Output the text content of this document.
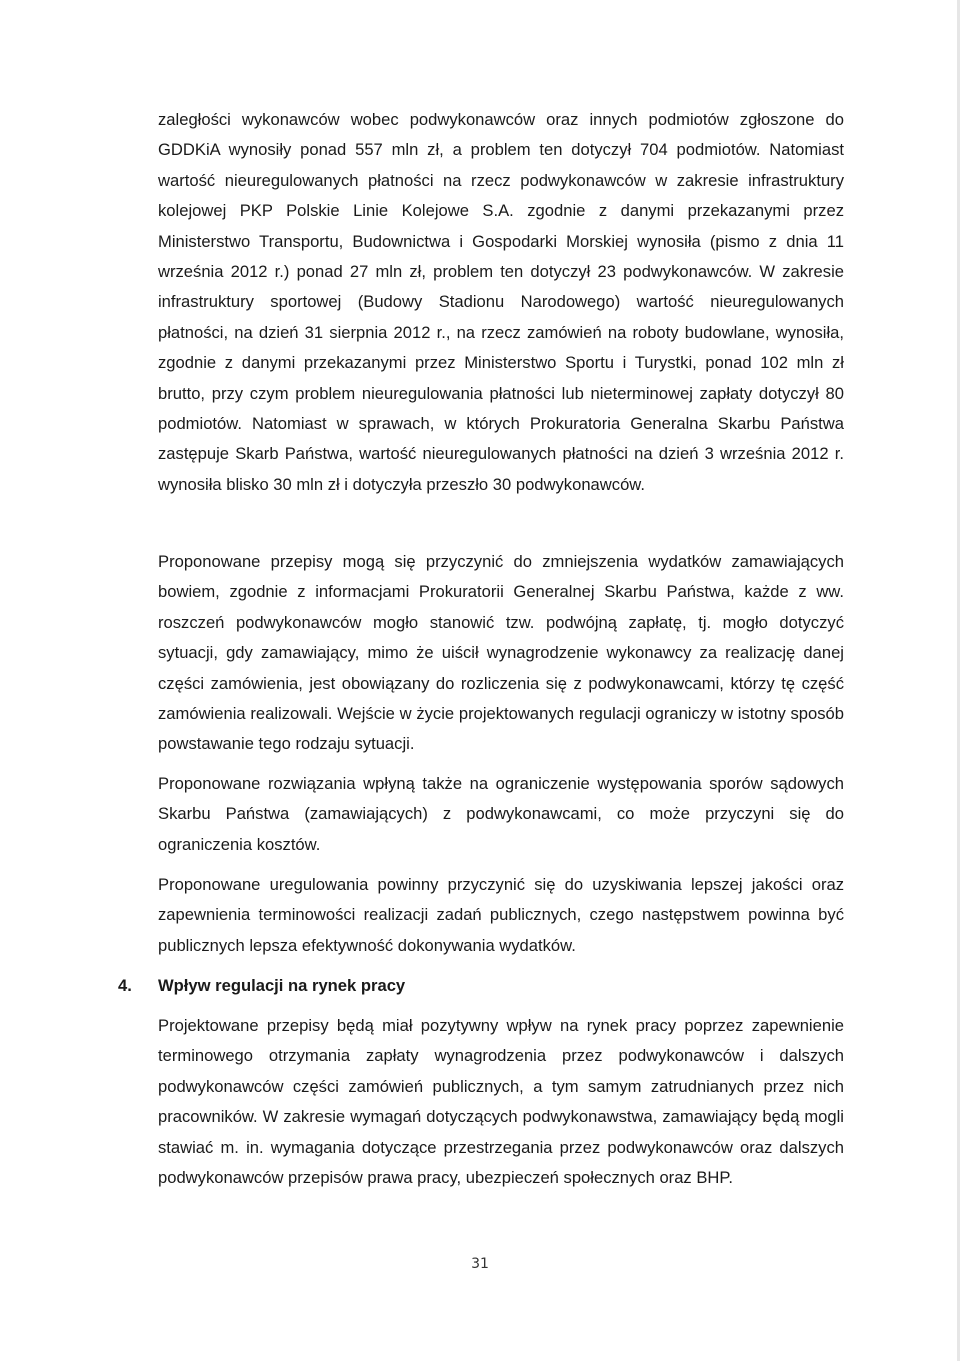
zaległości wykonawców wobec podwykonawców oraz innych podmiotów zgłoszone do GDDKiA wynosiły ponad 557 mln zł, a problem ten dotyczył 704 podmiotów. Natomiast wartość nieuregulowanych płatności na rzecz podwykonawców w zakresie infrastruktury kolejowej PKP Polskie Linie Kolejowe S.A. zgodnie z danymi przekazanymi przez Ministerstwo Transportu, Budownictwa i Gospodarki Morskiej wynosiła (pismo z dnia 11 września 2012 r.) ponad 27 mln zł, problem ten dotyczył 23 podwykonawców. W zakresie infrastruktury sportowej (Budowy Stadionu Narodowego) wartość nieuregulowanych płatności, na dzień 31 sierpnia 2012 r., na rzecz zamówień na roboty budowlane, wynosiła, zgodnie z danymi przekazanymi przez Ministerstwo Sportu i Turystki, ponad 102 mln zł brutto, przy czym problem nieuregulowania płatności lub nieterminowej zapłaty dotyczył 80 podmiotów. Natomiast w sprawach, w których Prokuratoria Generalna Skarbu Państwa zastępuje Skarb Państwa, wartość nieuregulowanych płatności na dzień 3 września 2012 r. wynosiła blisko 30 mln zł i dotyczyła przeszło 30 podwykonawców.

Proponowane przepisy mogą się przyczynić do zmniejszenia wydatków zamawiających bowiem, zgodnie z informacjami Prokuratorii Generalnej Skarbu Państwa, każde z ww. roszczeń podwykonawców mogło stanowić tzw. podwójną zapłatę, tj. mogło dotyczyć sytuacji, gdy zamawiający, mimo że uiścił wynagrodzenie wykonawcy za realizację danej części zamówienia, jest obowiązany do rozliczenia się z podwykonawcami, którzy tę część zamówienia realizowali. Wejście w życie projektowanych regulacji ograniczy w istotny sposób powstawanie tego rodzaju sytuacji.

Proponowane rozwiązania wpłyną także na ograniczenie występowania sporów sądowych Skarbu Państwa (zamawiających) z podwykonawcami, co może przyczyni się do ograniczenia kosztów.

Proponowane uregulowania powinny przyczynić się do uzyskiwania lepszej jakości oraz zapewnienia terminowości realizacji zadań publicznych, czego następstwem powinna być publicznych lepsza efektywność dokonywania wydatków.

4. Wpływ regulacji na rynek pracy

Projektowane przepisy będą miał pozytywny wpływ na rynek pracy poprzez zapewnienie terminowego otrzymania zapłaty wynagrodzenia przez podwykonawców i dalszych podwykonawców części zamówień publicznych, a tym samym zatrudnianych przez nich pracowników. W zakresie wymagań dotyczących podwykonawstwa, zamawiający będą mogli stawiać m. in. wymagania dotyczące przestrzegania przez podwykonawców oraz dalszych podwykonawców przepisów prawa pracy, ubezpieczeń społecznych oraz BHP.

31
